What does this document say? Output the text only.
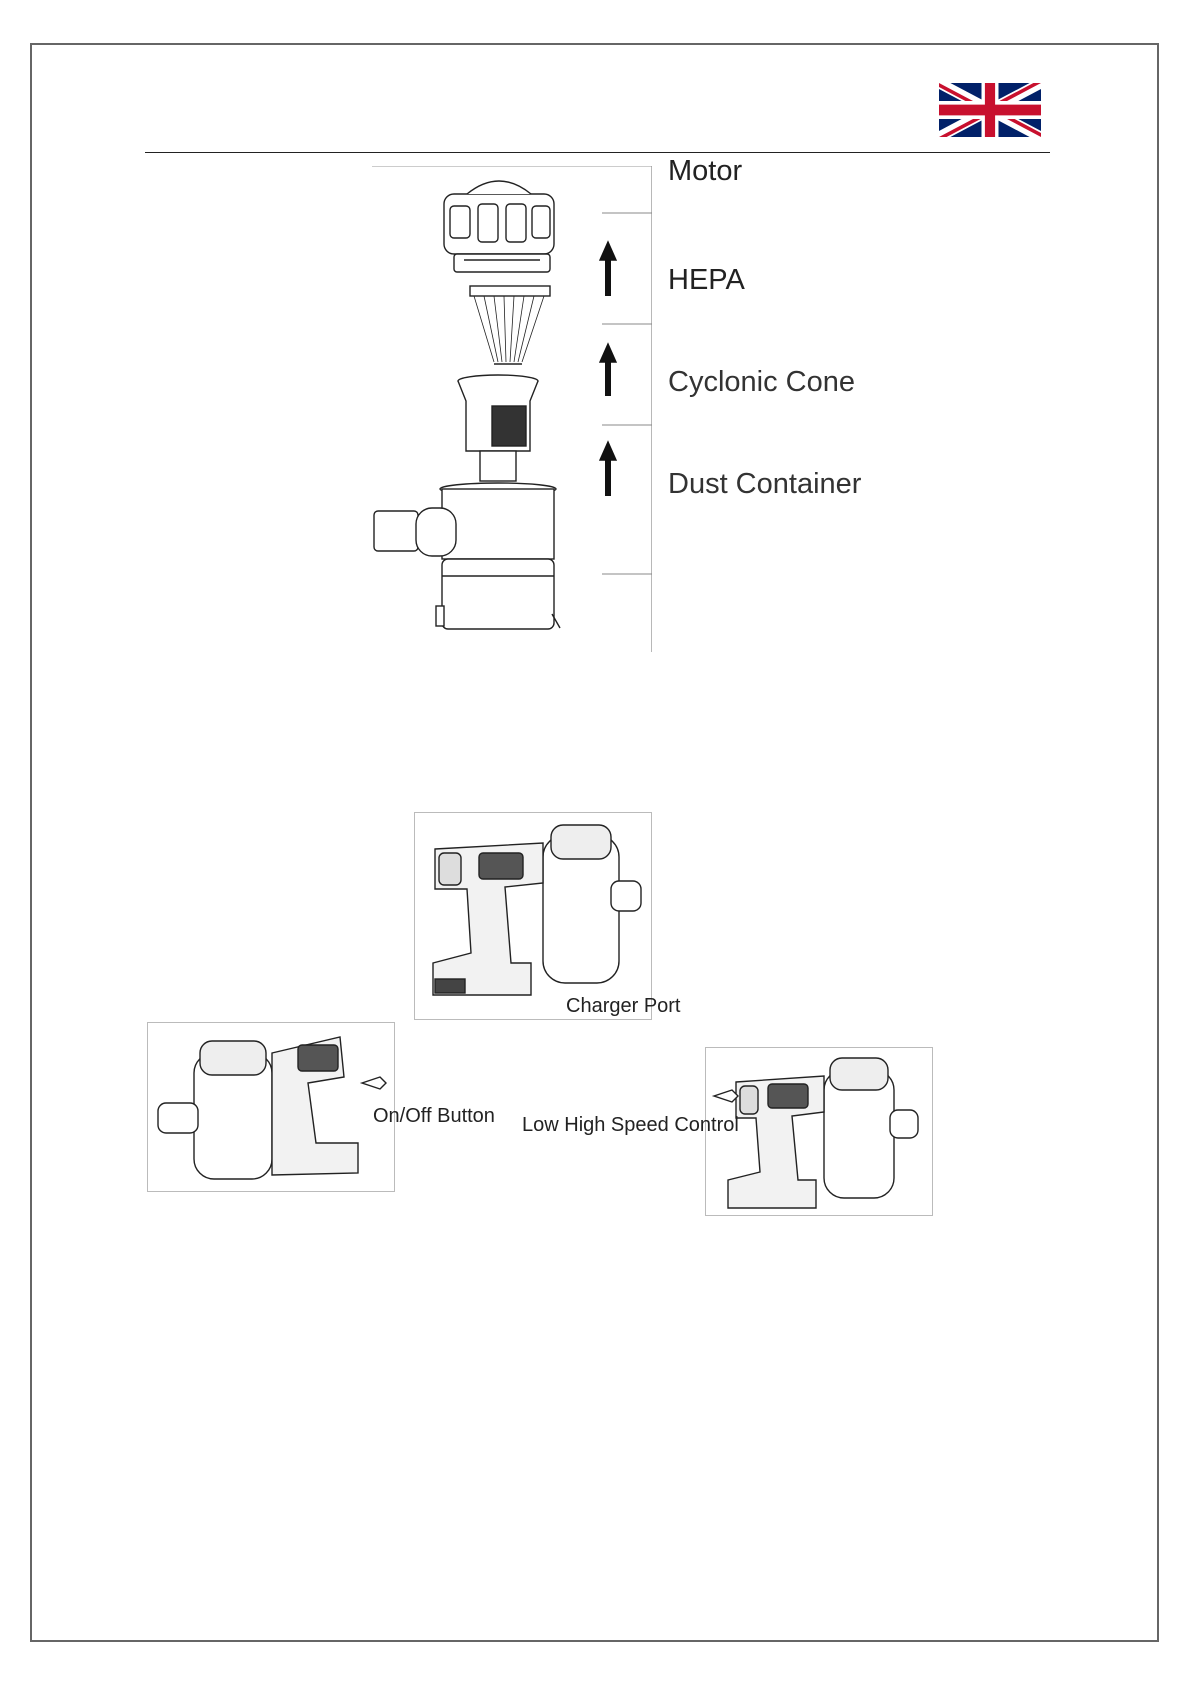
Motor
HEPA
Cyclonic Cone
Dust Container
Charger Port
On/Off Button Low High Speed Control
